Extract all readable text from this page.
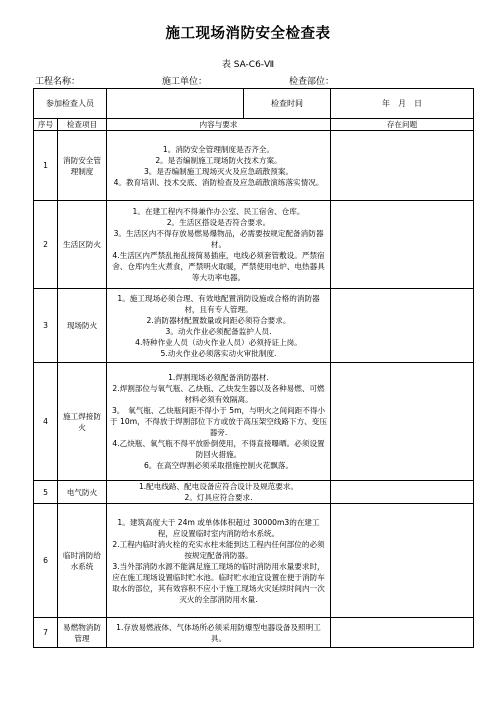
施工现场消防安全检查表
表 SA-C6-Ⅶ
工程名称：	施工单位：	检查部位：
参加检查人员			检查时间	年　月　日
序号	检查项目	内容与要求		存在问题
1	消防安全管理制度	1。消防安全管理制度是否齐全。
2。是否编制施工现场防火技术方案。
3。是否编制施工现场灭火及应急疏散预案。
4。教育培训、技术交底、消防检查及应急疏散演练落实情况。		

2	生活区防火	1。在建工程内不得兼作办公室、民工宿舍、仓库。
2。生活区搭设是否符合要求。
3。生活区内不得存放易燃易爆物品，必需要按规定配备消防器材。
4.生活区内严禁乱拖乱接简易插座，电线必须套管敷设。严禁宿舍、仓库内生火煮食，严禁明火取暖，严禁使用电炉、电热器具等大功率电器。		

3	现场防火	1。施工现场必须合理、有效地配置消防设施或合格的消防器材，且有专人管理。
2.消防器材配置数量或间距必须符合要求。
3。动火作业必须配备监护人员.
4.特种作业人员（动火作业人员）必须持证上岗。
5.动火作业必须落实动火审批制度.		

4	施工焊接防火	1.焊割现场必须配备消防器材.
2.焊割部位与氧气瓶、乙炔瓶、乙炔发生器以及各种易燃、可燃材料必须有效隔离。
3。　氧气瓶、乙炔瓶间距不得小于 5m，与明火之间间距不得小于 10m，不得放于焊割部位下方或放于高压架空线路下方、变压器旁.
4.乙炔瓶、氧气瓶不得平放卧倒使用，不得直接曝晒。必须设置防回火措施。
6。在高空焊割必须采取措施控制火花飘落。		

5	电气防火	1.配电线路、配电设备应符合设计及规范要求。
2。灯具应符合要求.		

6	临时消防给水系统	1。建筑高度大于 24m 或单体体积超过 30000m3的在建工程，应设置临时室内消防给水系统。
2.工程内临时消火栓的充实水柱未能到达工程内任何部位的必须按规定配备消防器。
3.当外部消防水源不能满足施工现场的临时消防用水量要求时，应在施工现场设置临时贮水池。临时贮水池宜设置在便于消防车取水的部位，其有效容积不应小于施工现场火灾延续时间内一次灭火的全部消防用水量.		

7	易燃物消防管理	1.存放易燃液体、气体场所必须采用防爆型电器设备及照明工具。		
